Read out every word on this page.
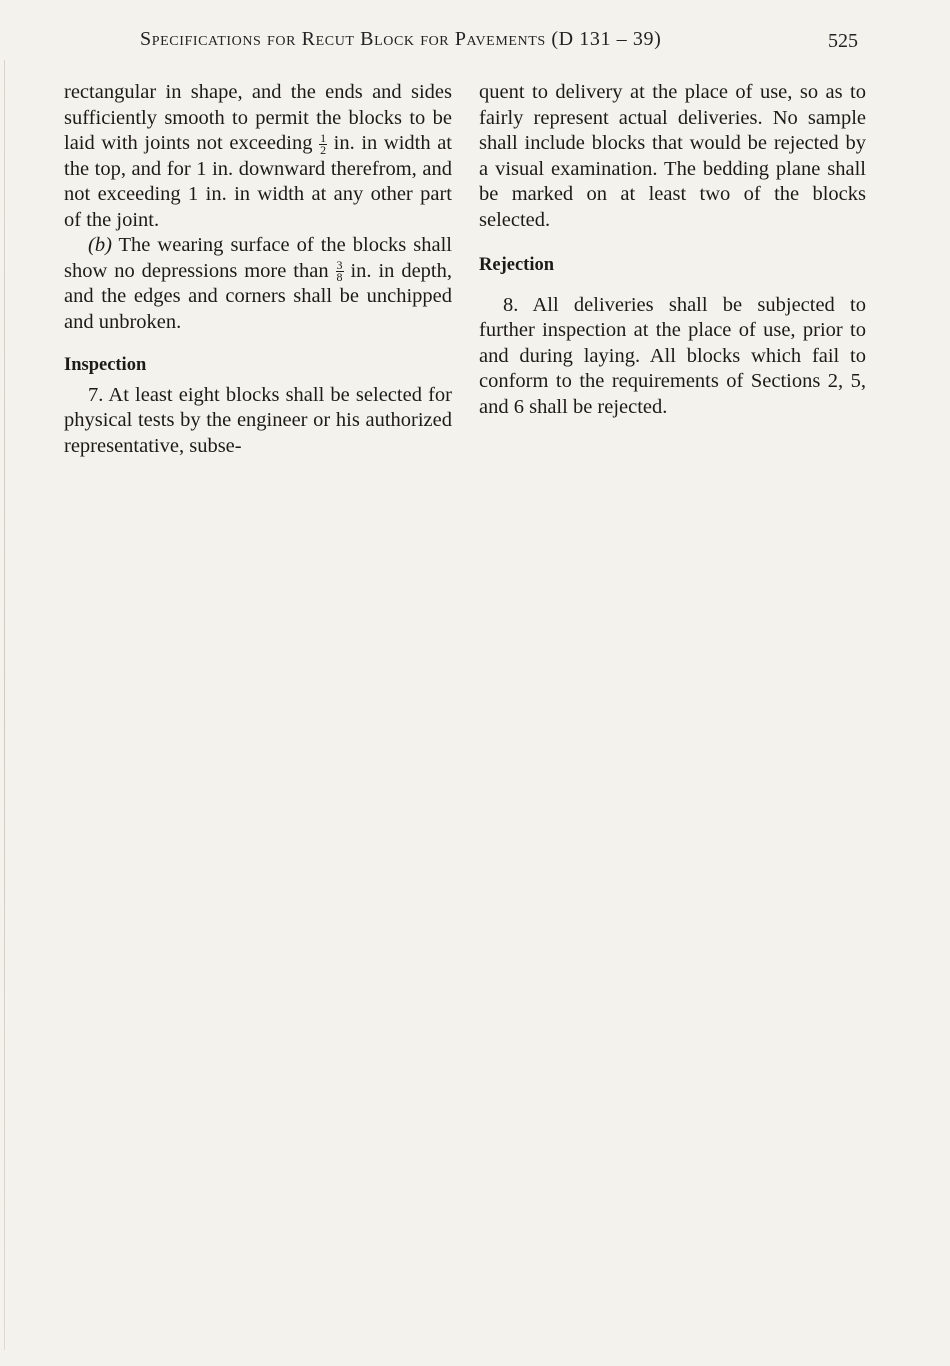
Specifications for Recut Block for Pavements (D 131 – 39)	525

rectangular in shape, and the ends and sides sufficiently smooth to permit the blocks to be laid with joints not exceeding $\frac{1}{2}$ in. in width at the top, and for 1 in. downward therefrom, and not exceeding 1 in. in width at any other part of the joint.

(b) The wearing surface of the blocks shall show no depressions more than $\frac{3}{8}$ in. in depth, and the edges and corners shall be unchipped and unbroken.

Inspection

7. At least eight blocks shall be selected for physical tests by the engineer or his authorized representative, subse-

quent to delivery at the place of use, so as to fairly represent actual deliveries. No sample shall include blocks that would be rejected by a visual examination. The bedding plane shall be marked on at least two of the blocks selected.

Rejection

8. All deliveries shall be subjected to further inspection at the place of use, prior to and during laying. All blocks which fail to conform to the requirements of Sections 2, 5, and 6 shall be rejected.
